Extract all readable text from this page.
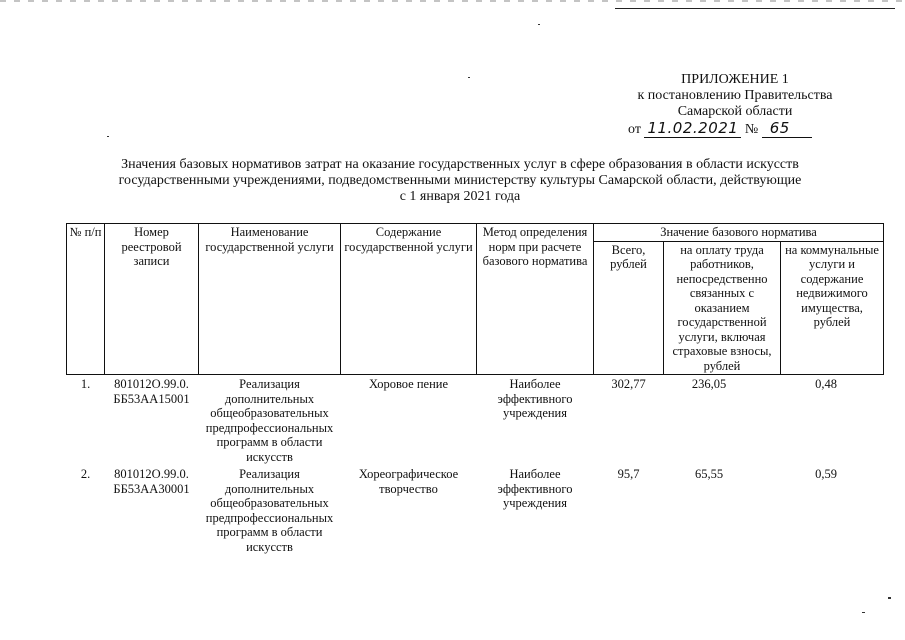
ПРИЛОЖЕНИЕ 1
к постановлению Правительства
Самарской области
от 11.02.2021 № 65
Значения базовых нормативов затрат на оказание государственных услуг в сфере образования в области искусств
государственными учреждениями, подведомственными министерству культуры Самарской области, действующие
с 1 января 2021 года
№ п/п	Номер реестровой записи	Наименование государственной услуги	Содержание государственной услуги	Метод определения норм при расчете базового норматива	Значение базового норматива		
					Всего, рублей	на оплату труда работников, непосредственно связанных с оказанием государственной услуги, включая страховые взносы, рублей	на коммунальные услуги и содержание недвижимого имущества, рублей
1.	801012О.99.0. ББ53АА15001	Реализация дополнительных общеобразовательных предпрофессиональных программ в области искусств	Хоровое пение	Наиболее эффективного учреждения	302,77	236,05	0,48
2.	801012О.99.0. ББ53АА30001	Реализация дополнительных общеобразовательных предпрофессиональных программ в области искусств	Хореографическое творчество	Наиболее эффективного учреждения	95,7	65,55	0,59
